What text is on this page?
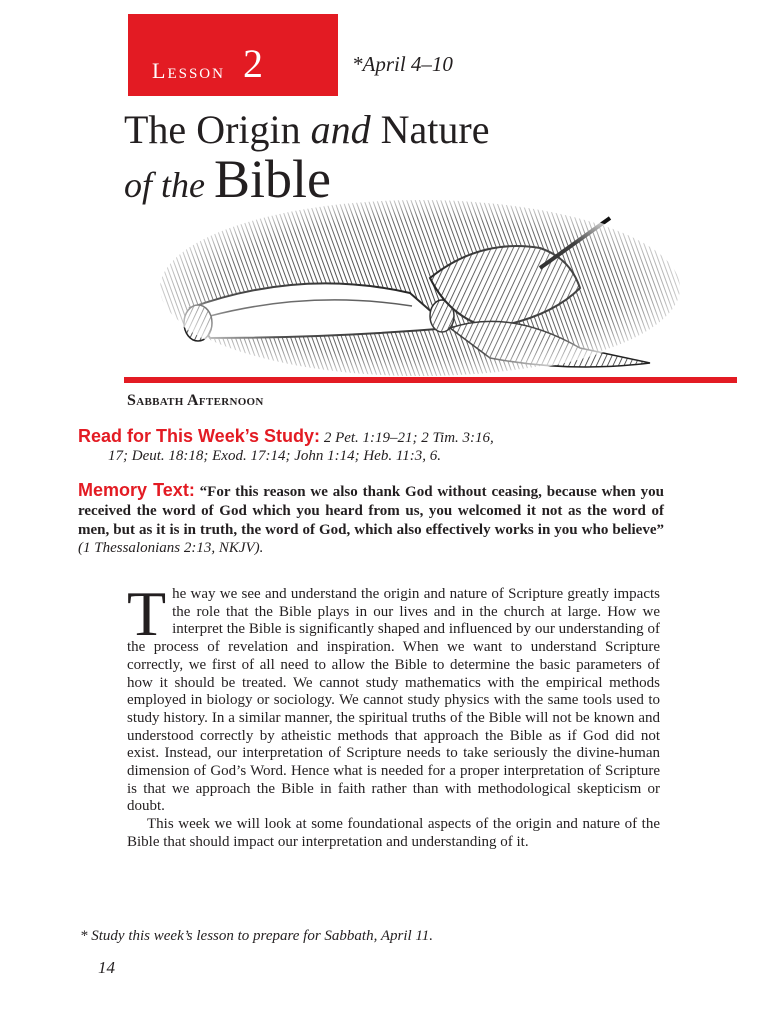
Lesson 2	*April 4–10
The Origin and Nature
of the Bible
Sabbath Afternoon
Read for This Week’s Study: 2 Pet. 1:19–21; 2 Tim. 3:16,
17; Deut. 18:18; Exod. 17:14; John 1:14; Heb. 11:3, 6.
Memory Text: “For this reason we also thank God without ceasing, because when you received the word of God which you heard from us, you welcomed it not as the word of men, but as it is in truth, the word of God, which also effectively works in you who believe” (1 Thessalonians 2:13, NKJV).

The way we see and understand the origin and nature of Scripture greatly impacts the role that the Bible plays in our lives and in the church at large. How we interpret the Bible is significantly shaped and influenced by our understanding of the process of revelation and inspiration. When we want to understand Scripture correctly, we first of all need to allow the Bible to determine the basic parameters of how it should be treated. We cannot study mathematics with the empirical methods employed in biology or sociology. We cannot study physics with the same tools used to study history. In a similar manner, the spiritual truths of the Bible will not be known and understood correctly by atheistic methods that approach the Bible as if God did not exist. Instead, our interpretation of Scripture needs to take seriously the divine-human dimension of God’s Word. Hence what is needed for a proper interpretation of Scripture is that we approach the Bible in faith rather than with methodological skepticism or doubt.

This week we will look at some foundational aspects of the origin and nature of the Bible that should impact our interpretation and understanding of it.

* Study this week’s lesson to prepare for Sabbath, April 11.
14
